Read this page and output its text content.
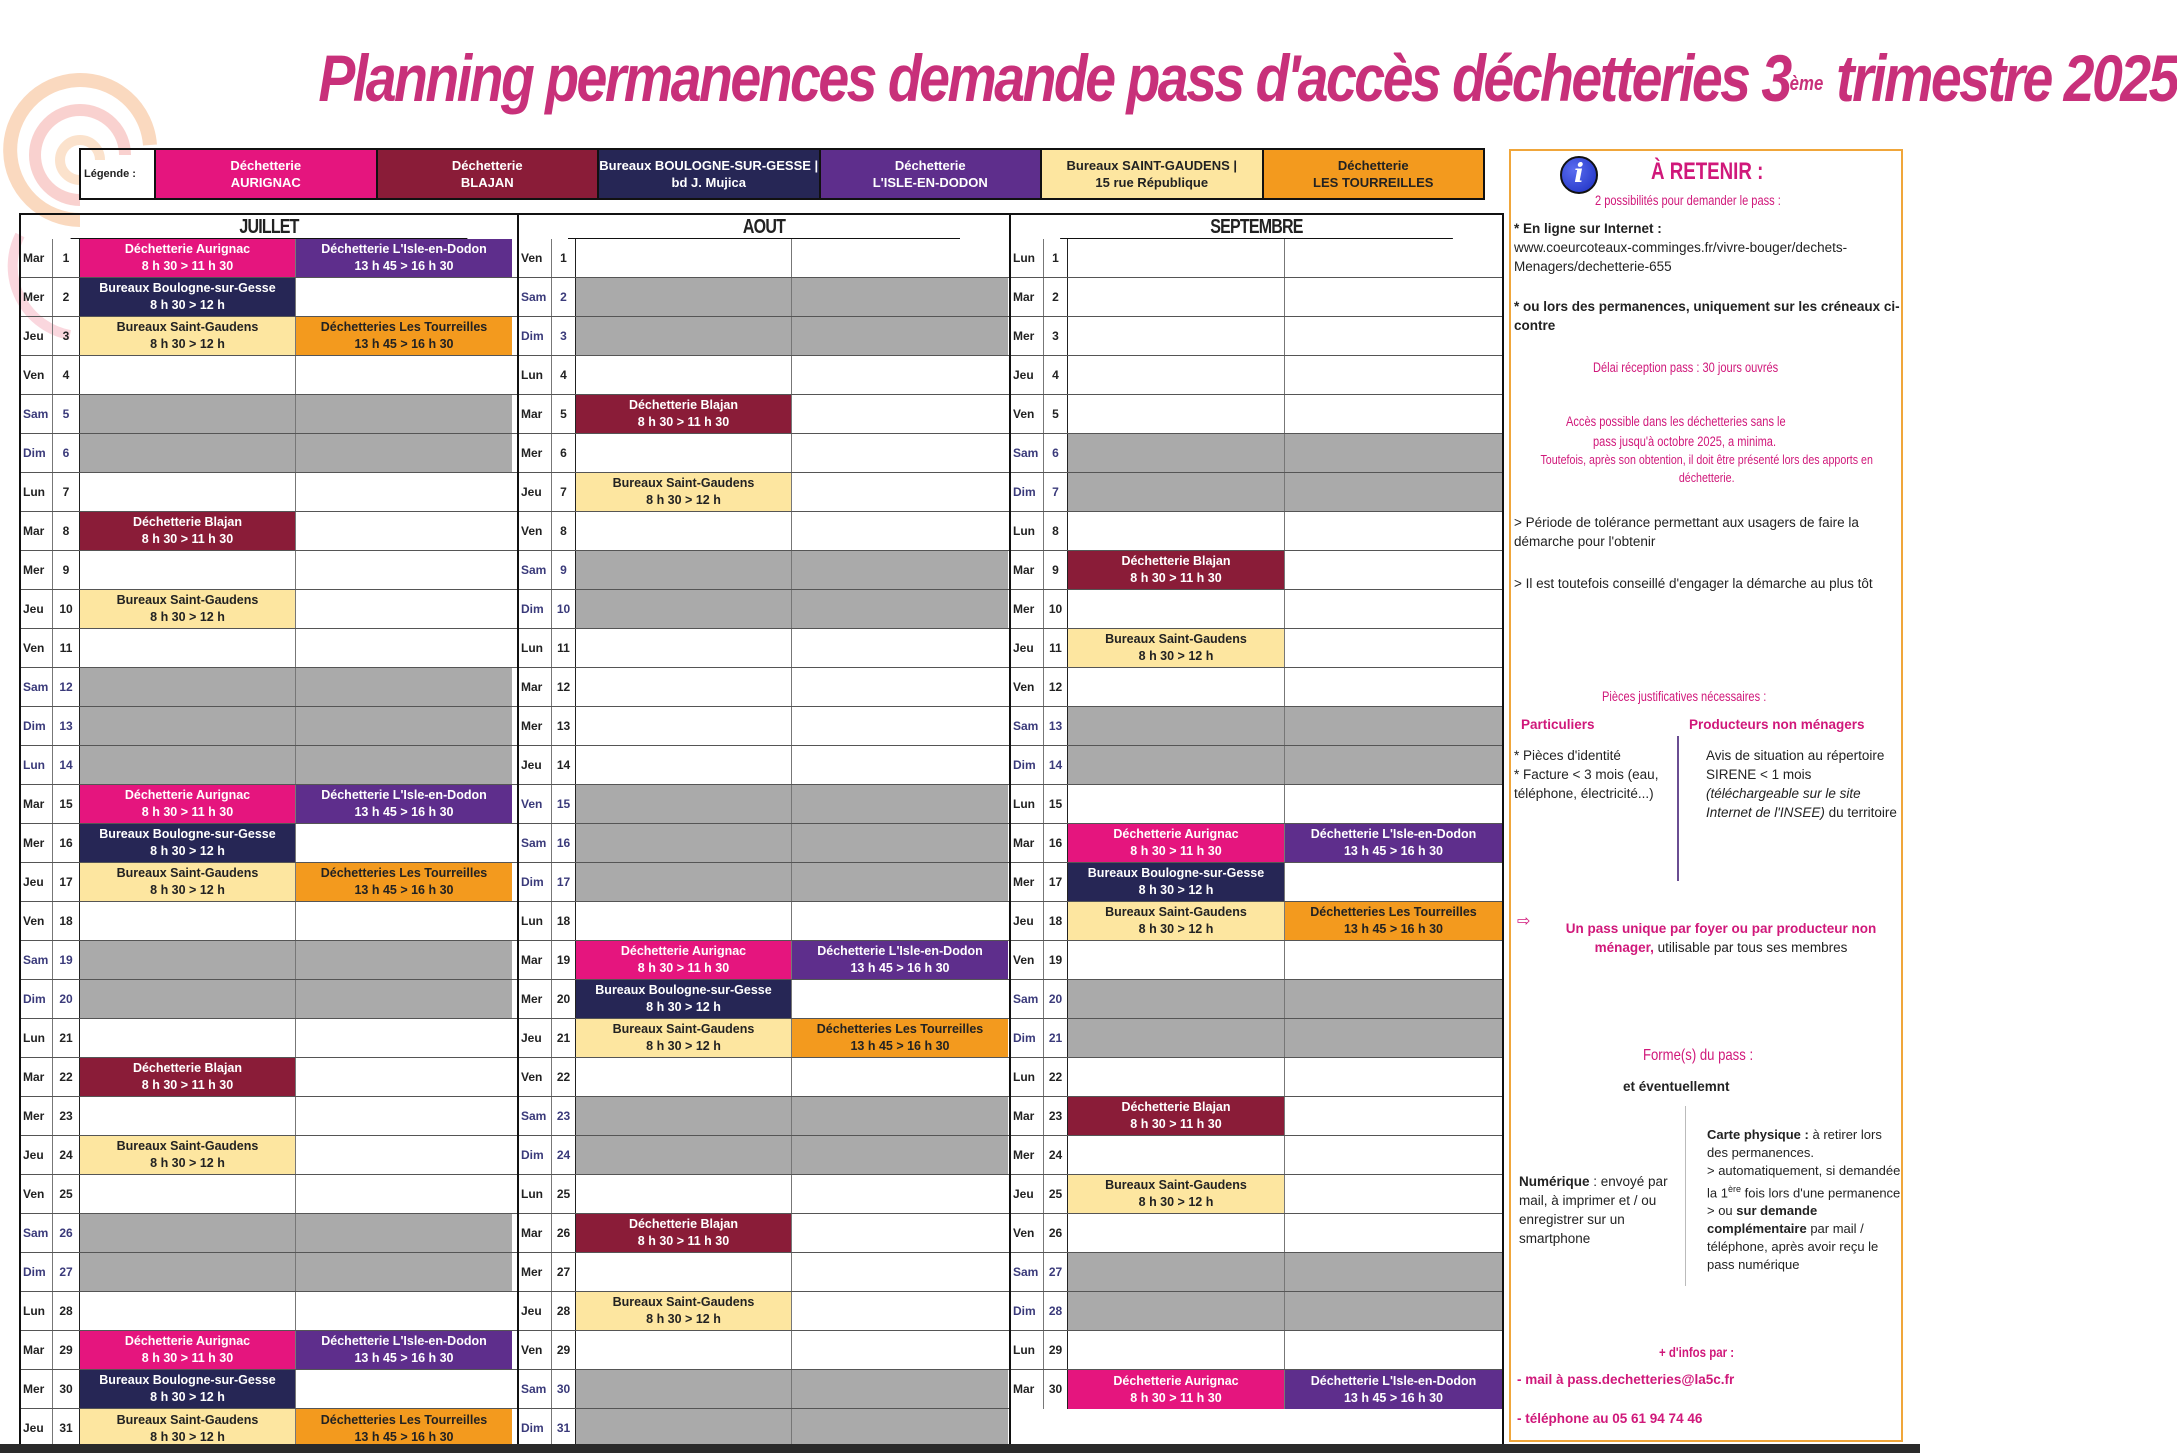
Planning permanences demande pass d'accès déchetteries 3ème trimestre 2025
Légende :
Déchetterie
AURIGNAC
Déchetterie
BLAJAN
Bureaux BOULOGNE-SUR-GESSE |
bd J. Mujica
Déchetterie
L'ISLE-EN-DODON
Bureaux SAINT-GAUDENS |
15 rue République
Déchetterie
LES TOURREILLES
JUILLET
Mar	1
Déchetterie Aurignac
8 h 30 > 11 h 30
Déchetterie L'Isle-en-Dodon
13 h 45 > 16 h 30
Mer	2
Bureaux Boulogne-sur-Gesse
8 h 30 > 12 h
Jeu	3
Bureaux Saint-Gaudens
8 h 30 > 12 h
Déchetteries Les Tourreilles
13 h 45 > 16 h 30
Ven	4
Sam	5
Dim	6
Lun	7
Mar	8
Déchetterie Blajan
8 h 30 > 11 h 30
Mer	9
Jeu	10
Bureaux Saint-Gaudens
8 h 30 > 12 h
Ven	11
Sam 12
Dim	13
Lun	14
Mar	15
Déchetterie Aurignac
8 h 30 > 11 h 30
Déchetterie L'Isle-en-Dodon
13 h 45 > 16 h 30
Mer	16
Bureaux Boulogne-sur-Gesse
8 h 30 > 12 h
Jeu	17
Bureaux Saint-Gaudens
8 h 30 > 12 h
Déchetteries Les Tourreilles
13 h 45 > 16 h 30
Ven	18
Sam 19
Dim	20
Lun	21
Mar	22
Déchetterie Blajan
8 h 30 > 11 h 30
Mer	23
Jeu	24
Bureaux Saint-Gaudens
8 h 30 > 12 h
Ven	25
Sam 26
Dim	27
Lun	28
Mar	29
Déchetterie Aurignac
8 h 30 > 11 h 30
Déchetterie L'Isle-en-Dodon
13 h 45 > 16 h 30
Mer	30
Bureaux Boulogne-sur-Gesse
8 h 30 > 12 h
Jeu	31
Bureaux Saint-Gaudens
8 h 30 > 12 h
Déchetteries Les Tourreilles
13 h 45 > 16 h 30
AOUT
Ven	1
Sam	2
Dim	3
Lun	4
Mar	5
Déchetterie Blajan
8 h 30 > 11 h 30
Mer	6
Jeu	7
Bureaux Saint-Gaudens
8 h 30 > 12 h
Ven	8
Sam	9
Dim	10
Lun	11
Mar	12
Mer	13
Jeu	14
Ven	15
Sam 16
Dim	17
Lun	18
Mar	19
Déchetterie Aurignac
8 h 30 > 11 h 30
Déchetterie L'Isle-en-Dodon
13 h 45 > 16 h 30
Mer	20
Bureaux Boulogne-sur-Gesse
8 h 30 > 12 h
Jeu	21
Bureaux Saint-Gaudens
8 h 30 > 12 h
Déchetteries Les Tourreilles
13 h 45 > 16 h 30
Ven	22
Sam 23
Dim	24
Lun	25
Mar	26
Déchetterie Blajan
8 h 30 > 11 h 30
Mer	27
Jeu	28
Bureaux Saint-Gaudens
8 h 30 > 12 h
Ven	29
Sam 30
Dim	31
SEPTEMBRE
Lun	1
Mar	2
Mer	3
Jeu	4
Ven	5
Sam	6
Dim	7
Lun	8
Mar	9
Déchetterie Blajan
8 h 30 > 11 h 30
Mer	10
Jeu	11
Bureaux Saint-Gaudens
8 h 30 > 12 h
Ven	12
Sam 13
Dim	14
Lun	15
Mar	16
Déchetterie Aurignac
8 h 30 > 11 h 30
Déchetterie L'Isle-en-Dodon
13 h 45 > 16 h 30
Mer	17
Bureaux Boulogne-sur-Gesse
8 h 30 > 12 h
Jeu	18
Bureaux Saint-Gaudens
8 h 30 > 12 h
Déchetteries Les Tourreilles
13 h 45 > 16 h 30
Ven	19
Sam 20
Dim	21
Lun	22
Mar	23
Déchetterie Blajan
8 h 30 > 11 h 30
Mer	24
Jeu	25
Bureaux Saint-Gaudens
8 h 30 > 12 h
Ven	26
Sam 27
Dim	28
Lun	29
Mar	30
Déchetterie Aurignac
8 h 30 > 11 h 30
Déchetterie L'Isle-en-Dodon
13 h 45 > 16 h 30
i	À RETENIR :
2 possibilités pour demander le pass :
* En ligne sur Internet :
www.coeurcoteaux-comminges.fr/vivre-bouger/dechets-Menagers/dechetterie-655
* ou lors des permanences, uniquement sur les créneaux ci-contre
Délai réception pass : 30 jours ouvrés
Accès possible dans les déchetteries sans le
pass jusqu'à octobre 2025, a minima.
Toutefois, après son obtention, il doit être présenté lors des apports en déchetterie.
> Période de tolérance permettant aux usagers de faire la démarche pour l'obtenir
> Il est toutefois conseillé d'engager la démarche au plus tôt
Pièces justificatives nécessaires :
Particuliers	Producteurs non ménagers
* Pièces d'identité
* Facture < 3 mois (eau, téléphone, électricité...)
Avis de situation au répertoire SIRENE < 1 mois
(téléchargeable sur le site Internet de l'INSEE) du territoire
⇨	Un pass unique par foyer ou par producteur non ménager, utilisable par tous ses membres
Forme(s) du pass :
et éventuellemnt
Numérique : envoyé par mail, à imprimer et / ou enregistrer sur un smartphone
Carte physique : à retirer lors des permanences.
> automatiquement, si demandée la 1ère fois lors d'une permanence
> ou sur demande complémentaire par mail / téléphone, après avoir reçu le pass numérique
+ d'infos par :
- mail à pass.dechetteries@la5c.fr
- téléphone au 05 61 94 74 46
